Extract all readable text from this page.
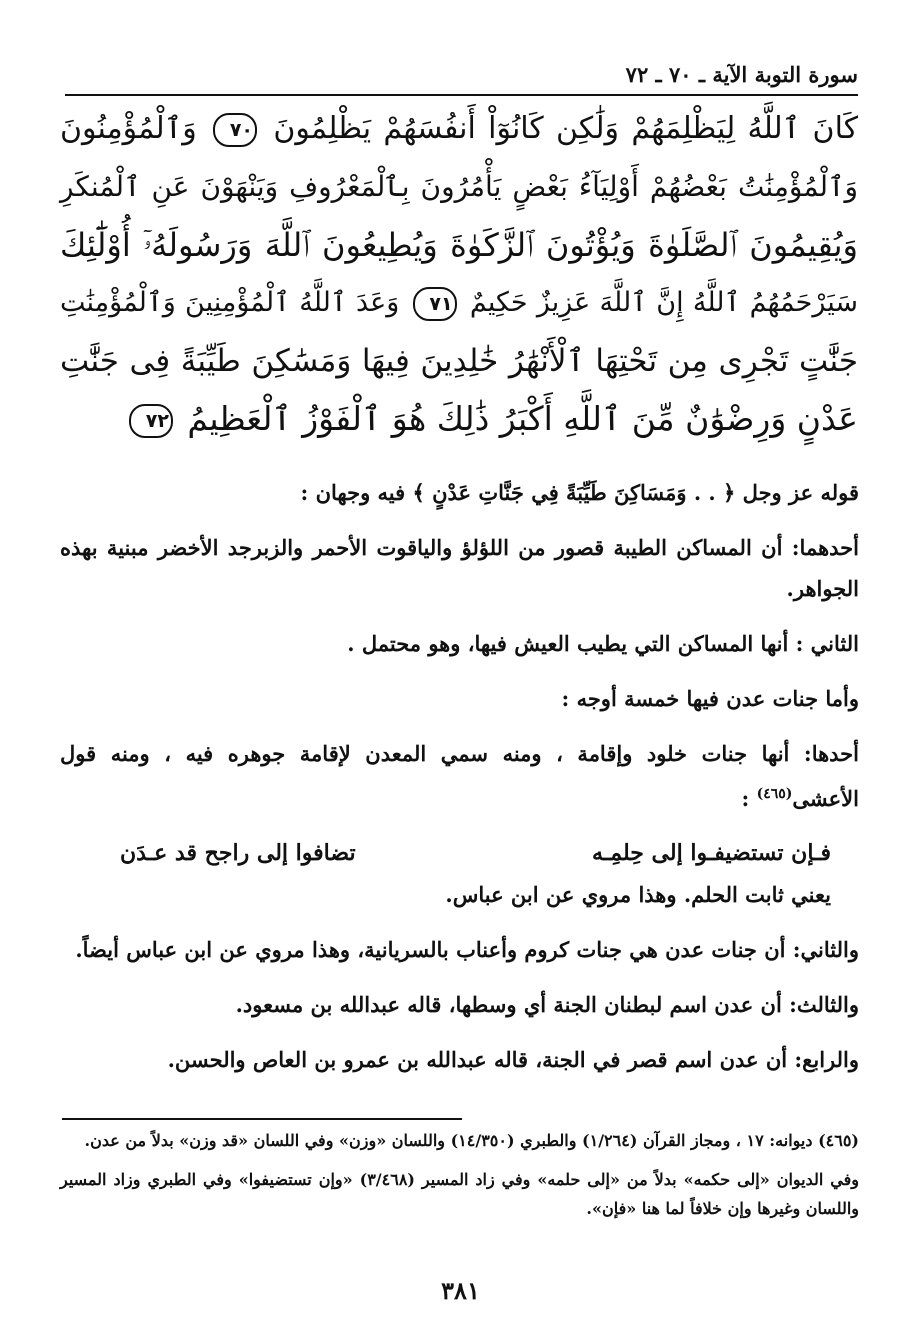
سورة التوبة الآية ـ ٧٠ ـ ٧٢
كَانَ ٱللَّهُ لِيَظْلِمَهُمْ وَلَٰكِن كَانُوٓاْ أَنفُسَهُمْ يَظْلِمُونَ ٧٠ وَٱلْمُؤْمِنُونَ
وَٱلْمُؤْمِنَٰتُ بَعْضُهُمْ أَوْلِيَآءُ بَعْضٍ يَأْمُرُونَ بِٱلْمَعْرُوفِ وَيَنْهَوْنَ عَنِ ٱلْمُنكَرِ
وَيُقِيمُونَ ٱلصَّلَوٰةَ وَيُؤْتُونَ ٱلزَّكَوٰةَ وَيُطِيعُونَ ٱللَّهَ وَرَسُولَهُۥٓ أُوْلَٰٓئِكَ
سَيَرْحَمُهُمُ ٱللَّهُ إِنَّ ٱللَّهَ عَزِيزٌ حَكِيمٌ ٧١ وَعَدَ ٱللَّهُ ٱلْمُؤْمِنِينَ وَٱلْمُؤْمِنَٰتِ
جَنَّٰتٍ تَجْرِى مِن تَحْتِهَا ٱلْأَنْهَٰرُ خَٰلِدِينَ فِيهَا وَمَسَٰكِنَ طَيِّبَةً فِى جَنَّٰتِ
عَدْنٍ وَرِضْوَٰنٌ مِّنَ ٱللَّهِ أَكْبَرُ ذَٰلِكَ هُوَ ٱلْفَوْزُ ٱلْعَظِيمُ ٧٢

قوله عز وجل ﴿ . . وَمَسَاكِنَ طَيِّبَةً فِي جَنَّاتِ عَدْنٍ ﴾ فيه وجهان :

أحدهما: أن المساكن الطيبة قصور من اللؤلؤ والياقوت الأحمر والزبرجد الأخضر مبنية بهذه الجواهر.

الثاني : أنها المساكن التي يطيب العيش فيها، وهو محتمل .

وأما جنات عدن فيها خمسة أوجه :

أحدها: أنها جنات خلود وإقامة ، ومنه سمي المعدن لإقامة جوهره فيه ، ومنه قول الأعشى$^{(٤٦٥)}$ :

فـإن تستضيفـوا إلى حِلمِـه
تضافوا إلى راجح قد عـدَن

يعني ثابت الحلم. وهذا مروي عن ابن عباس.

والثاني: أن جنات عدن هي جنات كروم وأعناب بالسريانية، وهذا مروي عن ابن عباس أيضاً.

والثالث: أن عدن اسم لبطنان الجنة أي وسطها، قاله عبدالله بن مسعود.

والرابع: أن عدن اسم قصر في الجنة، قاله عبدالله بن عمرو بن العاص والحسن.

(٤٦٥) ديوانه: ١٧ ، ومجاز القرآن (١/٢٦٤) والطبري (١٤/٣٥٠) واللسان «وزن» وفي اللسان «قد وزن» بدلاً من عدن.
وفي الديوان «إلى حكمه» بدلاً من «إلى حلمه» وفي زاد المسير (٣/٤٦٨) «وإن تستضيفوا» وفي الطبري وزاد المسير واللسان وغيرها وإن خلافاً لما هنا «فإن».
٣٨١
